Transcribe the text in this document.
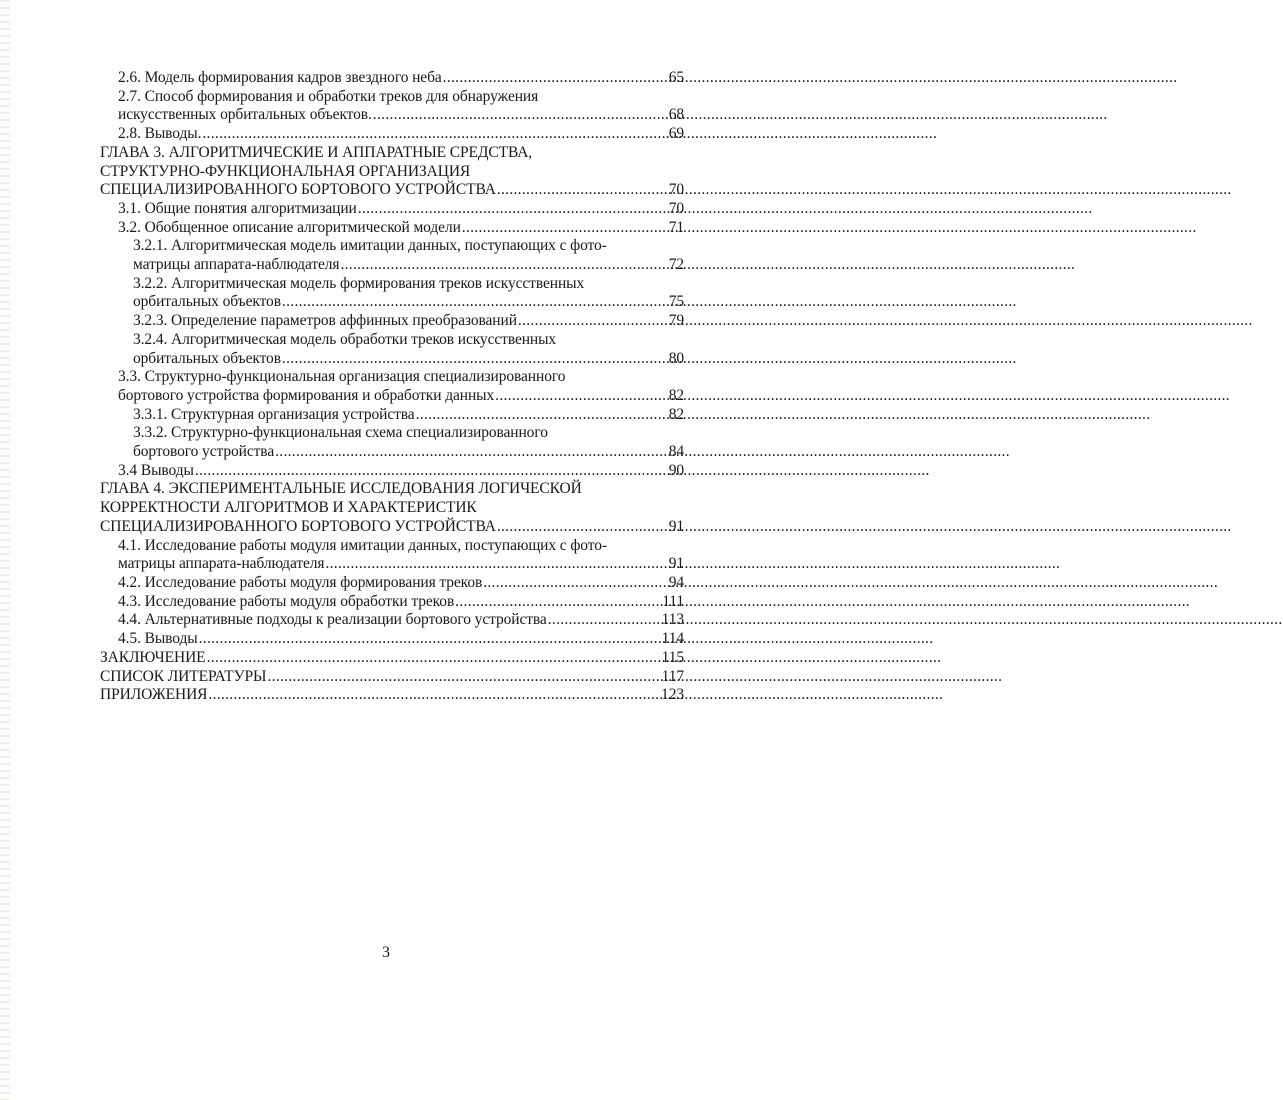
2.6. Модель формирования кадров звездного неба .....	65
2.7. Способ формирования и обработки треков для обнаружения
искусственных орбитальных объектов. .....	68
2.8. Выводы. .....	69
ГЛАВА 3. АЛГОРИТМИЧЕСКИЕ И АППАРАТНЫЕ СРЕДСТВА,
СТРУКТУРНО-ФУНКЦИОНАЛЬНАЯ ОРГАНИЗАЦИЯ
СПЕЦИАЛИЗИРОВАННОГО БОРТОВОГО УСТРОЙСТВА .....	70
3.1. Общие понятия алгоритмизации .....	70
3.2. Обобщенное описание алгоритмической модели .....	71
3.2.1. Алгоритмическая модель имитации данных, поступающих с фото-
матрицы аппарата-наблюдателя .....	72
3.2.2. Алгоритмическая модель формирования треков искусственных
орбитальных объектов .....	75
3.2.3. Определение параметров аффинных преобразований .....	79
3.2.4. Алгоритмическая модель обработки треков искусственных
орбитальных объектов .....	80
3.3. Структурно-функциональная организация специализированного
бортового устройства формирования и обработки данных .....	82
3.3.1. Структурная организация устройства .....	82
3.3.2. Структурно-функциональная схема специализированного
бортового устройства .....	84
3.4 Выводы .....	90
ГЛАВА 4. ЭКСПЕРИМЕНТАЛЬНЫЕ ИССЛЕДОВАНИЯ ЛОГИЧЕСКОЙ
КОРРЕКТНОСТИ АЛГОРИТМОВ И ХАРАКТЕРИСТИК
СПЕЦИАЛИЗИРОВАННОГО БОРТОВОГО УСТРОЙСТВА .....	91
4.1. Исследование работы модуля имитации данных, поступающих с фото-
матрицы аппарата-наблюдателя .....	91
4.2. Исследование работы модуля формирования треков .....	94
4.3. Исследование работы модуля обработки треков .....	111
4.4. Альтернативные подходы к реализации бортового устройства .....	113
4.5. Выводы .....	114
ЗАКЛЮЧЕНИЕ .....	115
СПИСОК ЛИТЕРАТУРЫ .....	117
ПРИЛОЖЕНИЯ .....	123
3
